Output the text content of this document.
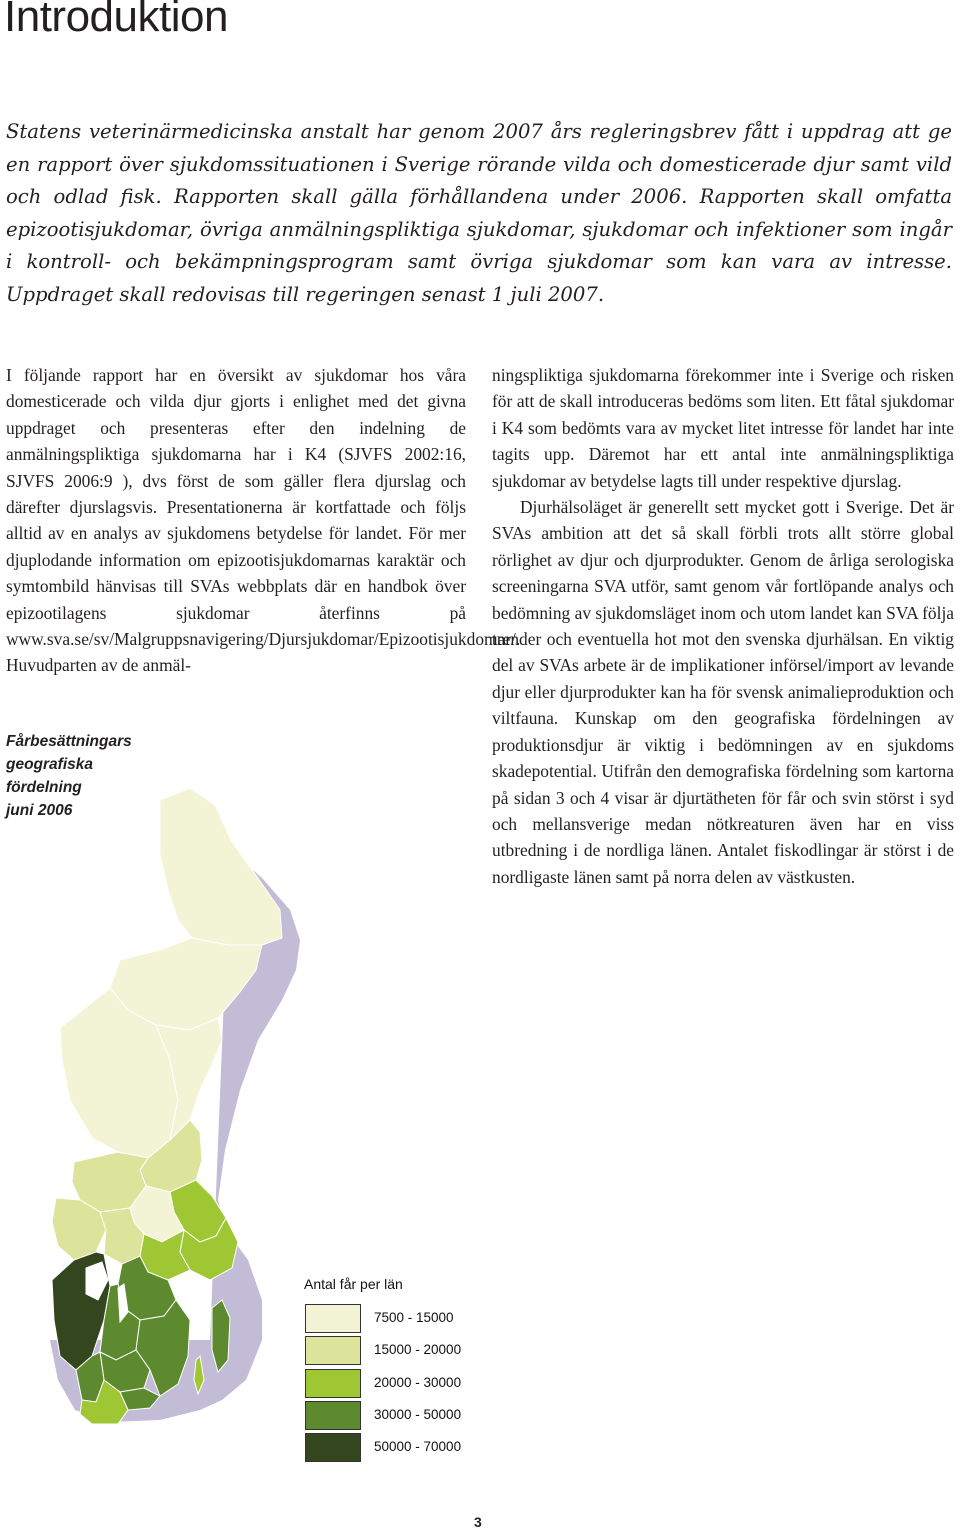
Introduktion

Statens veterinärmedicinska anstalt har genom 2007 års regleringsbrev fått i uppdrag att ge en rapport över sjukdomssituationen i Sverige rörande vilda och domesticerade djur samt vild och odlad fisk. Rapporten skall gälla förhållandena under 2006. Rapporten skall omfatta epizootisjukdomar, övriga anmälningspliktiga sjukdomar, sjukdomar och infektioner som ingår i kontroll- och bekämpningsprogram samt övriga sjukdomar som kan vara av intresse. Uppdraget skall redovisas till regeringen senast 1 juli 2007.

I följande rapport har en översikt av sjukdomar hos våra domesticerade och vilda djur gjorts i enlighet med det givna uppdraget och presenteras efter den indelning de anmälningspliktiga sjukdomarna har i K4 (SJVFS 2002:16, SJVFS 2006:9 ), dvs först de som gäller flera djurslag och därefter djurslagsvis. Presentationerna är kortfattade och följs alltid av en analys av sjukdomens betydelse för landet. För mer djuplodande information om epizootisjukdomarnas karaktär och symtombild hänvisas till SVAs webbplats där en handbok över epizootilagens sjukdomar återfinns på www.sva.se/sv/Malgruppsnavigering/Djursjukdomar/Epizootisjukdomar/. Huvudparten av de anmäl-

ningspliktiga sjukdomarna förekommer inte i Sverige och risken för att de skall introduceras bedöms som liten. Ett fåtal sjukdomar i K4 som bedömts vara av mycket litet intresse för landet har inte tagits upp. Däremot har ett antal inte anmälningspliktiga sjukdomar av betydelse lagts till under respektive djurslag.

Djurhälsoläget är generellt sett mycket gott i Sverige. Det är SVAs ambition att det så skall förbli trots allt större global rörlighet av djur och djurprodukter. Genom de årliga serologiska screeningarna SVA utför, samt genom vår fortlöpande analys och bedömning av sjukdomsläget inom och utom landet kan SVA följa trender och eventuella hot mot den svenska djurhälsan. En viktig del av SVAs arbete är de implikationer införsel/import av levande djur eller djurprodukter kan ha för svensk animalieproduktion och viltfauna. Kunskap om den geografiska fördelningen av produktionsdjur är viktig i bedömningen av en sjukdoms skadepotential. Utifrån den demografiska fördelning som kartorna på sidan 3 och 4 visar är djurtätheten för får och svin störst i syd och mellansverige medan nötkreaturen även har en viss utbredning i de nordliga länen. Antalet fiskodlingar är störst i de nordligaste länen samt på norra delen av västkusten.

Fårbesättningars
geografiska
fördelning
juni 2006

Antal får per län

7500 - 15000
15000 - 20000
20000 - 30000
30000 - 50000
50000 - 70000

3
